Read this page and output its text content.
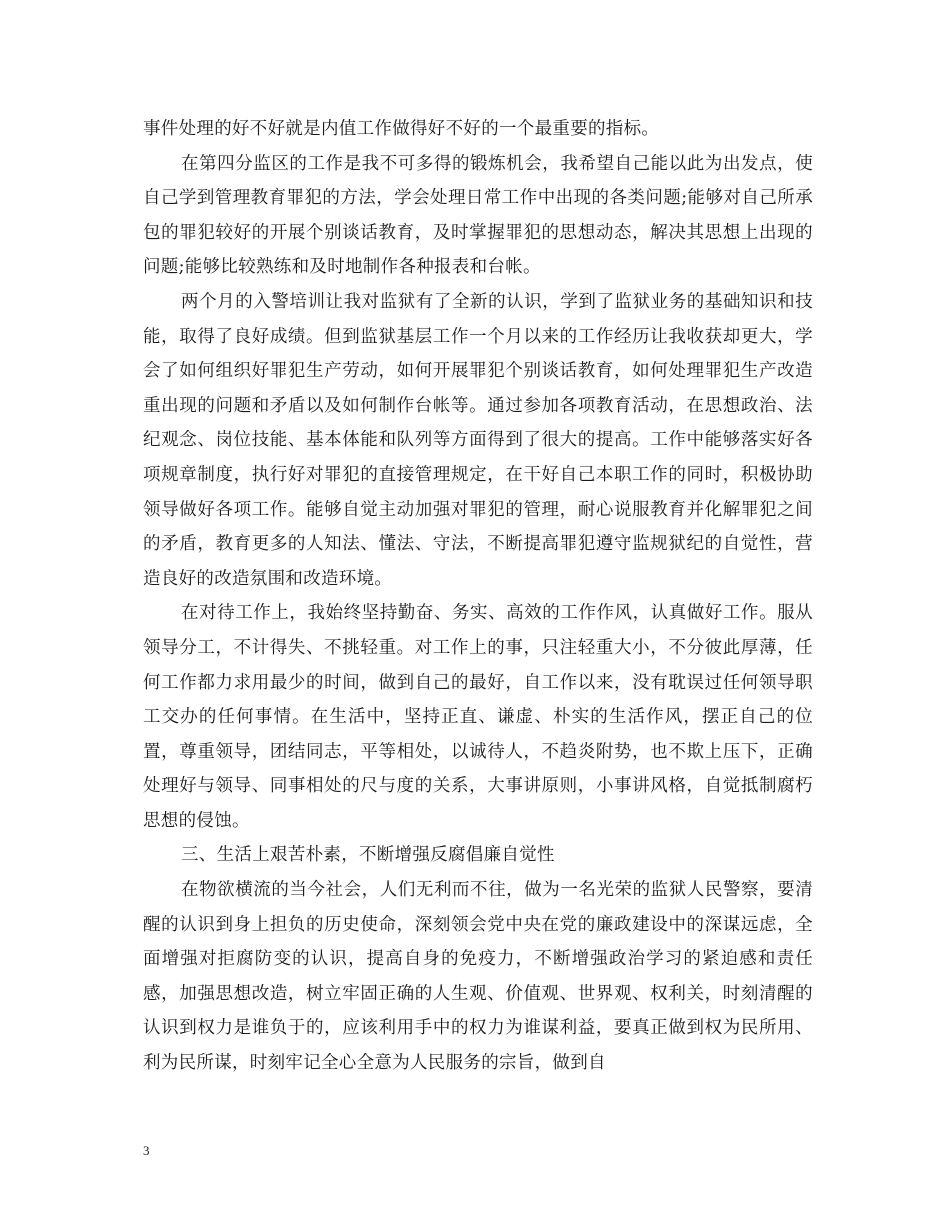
事件处理的好不好就是内值工作做得好不好的一个最重要的指标。

在第四分监区的工作是我不可多得的锻炼机会，我希望自己能以此为出发点，使自己学到管理教育罪犯的方法，学会处理日常工作中出现的各类问题;能够对自己所承包的罪犯较好的开展个别谈话教育，及时掌握罪犯的思想动态，解决其思想上出现的问题;能够比较熟练和及时地制作各种报表和台帐。

两个月的入警培训让我对监狱有了全新的认识，学到了监狱业务的基础知识和技能，取得了良好成绩。但到监狱基层工作一个月以来的工作经历让我收获却更大，学会了如何组织好罪犯生产劳动，如何开展罪犯个别谈话教育，如何处理罪犯生产改造重出现的问题和矛盾以及如何制作台帐等。通过参加各项教育活动，在思想政治、法纪观念、岗位技能、基本体能和队列等方面得到了很大的提高。工作中能够落实好各项规章制度，执行好对罪犯的直接管理规定，在干好自己本职工作的同时，积极协助领导做好各项工作。能够自觉主动加强对罪犯的管理，耐心说服教育并化解罪犯之间的矛盾，教育更多的人知法、懂法、守法，不断提高罪犯遵守监规狱纪的自觉性，营造良好的改造氛围和改造环境。

在对待工作上，我始终坚持勤奋、务实、高效的工作作风，认真做好工作。服从领导分工，不计得失、不挑轻重。对工作上的事，只注轻重大小，不分彼此厚薄，任何工作都力求用最少的时间，做到自己的最好，自工作以来，没有耽误过任何领导职工交办的任何事情。在生活中，坚持正直、谦虚、朴实的生活作风，摆正自己的位置，尊重领导，团结同志，平等相处，以诚待人，不趋炎附势，也不欺上压下，正确处理好与领导、同事相处的尺与度的关系，大事讲原则，小事讲风格，自觉抵制腐朽思想的侵蚀。

三、生活上艰苦朴素，不断增强反腐倡廉自觉性

在物欲横流的当今社会，人们无利而不往，做为一名光荣的监狱人民警察，要清醒的认识到身上担负的历史使命，深刻领会党中央在党的廉政建设中的深谋远虑，全面增强对拒腐防变的认识，提高自身的免疫力，不断增强政治学习的紧迫感和责任感，加强思想改造，树立牢固正确的人生观、价值观、世界观、权利关，时刻清醒的认识到权力是谁负于的，应该利用手中的权力为谁谋利益，要真正做到权为民所用、利为民所谋，时刻牢记全心全意为人民服务的宗旨，做到自

3
